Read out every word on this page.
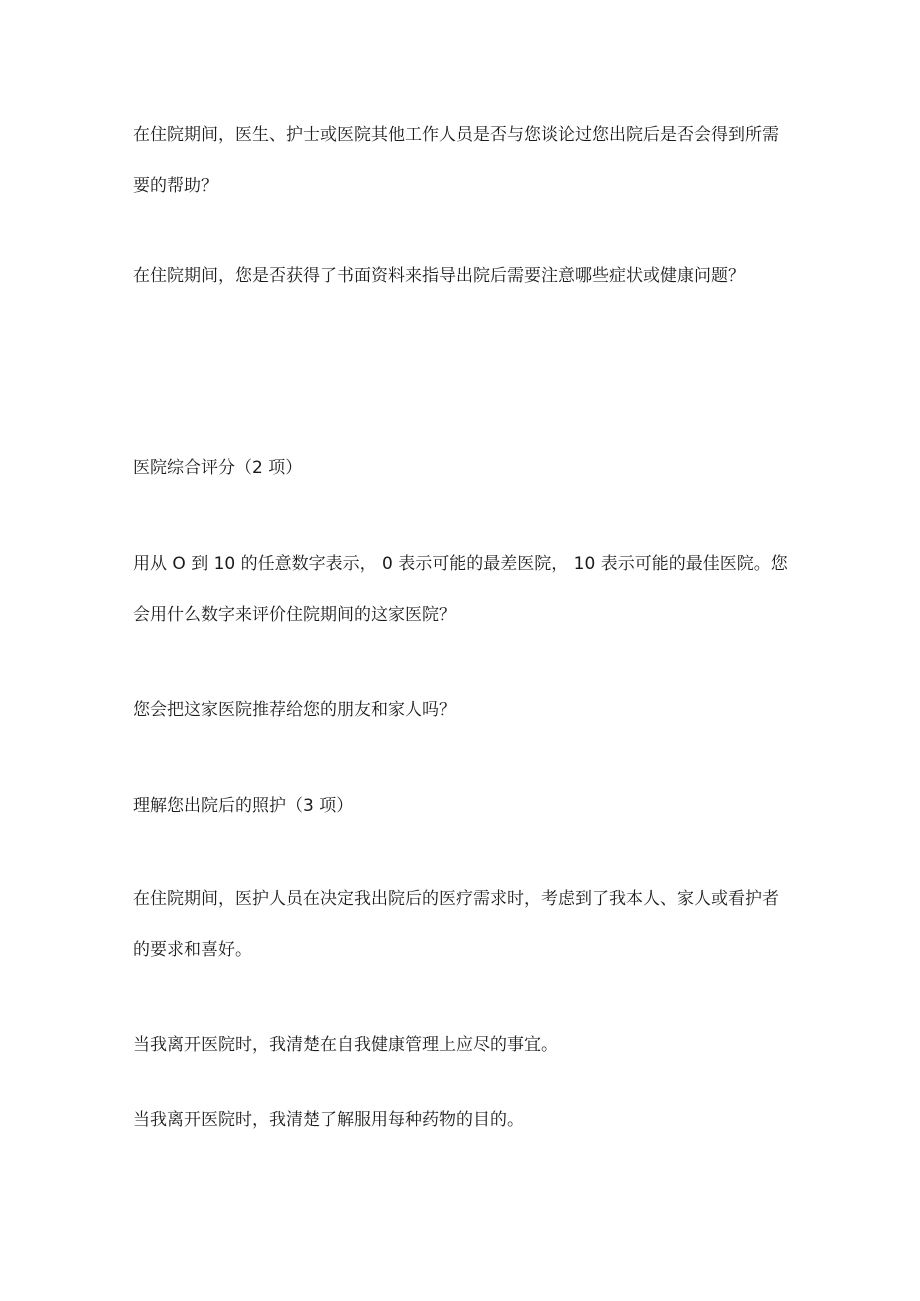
在住院期间，医生、护士或医院其他工作人员是否与您谈论过您出院后是否会得到所需要的帮助？

在住院期间，您是否获得了书面资料来指导出院后需要注意哪些症状或健康问题？

医院综合评分（2 项）

用从 O 到 10 的任意数字表示， 0 表示可能的最差医院， 10 表示可能的最佳医院。您会用什么数字来评价住院期间的这家医院？

您会把这家医院推荐给您的朋友和家人吗？

理解您出院后的照护（3 项）

在住院期间，医护人员在决定我出院后的医疗需求时，考虑到了我本人、家人或看护者的要求和喜好。

当我离开医院时，我清楚在自我健康管理上应尽的事宜。

当我离开医院时，我清楚了解服用每种药物的目的。
